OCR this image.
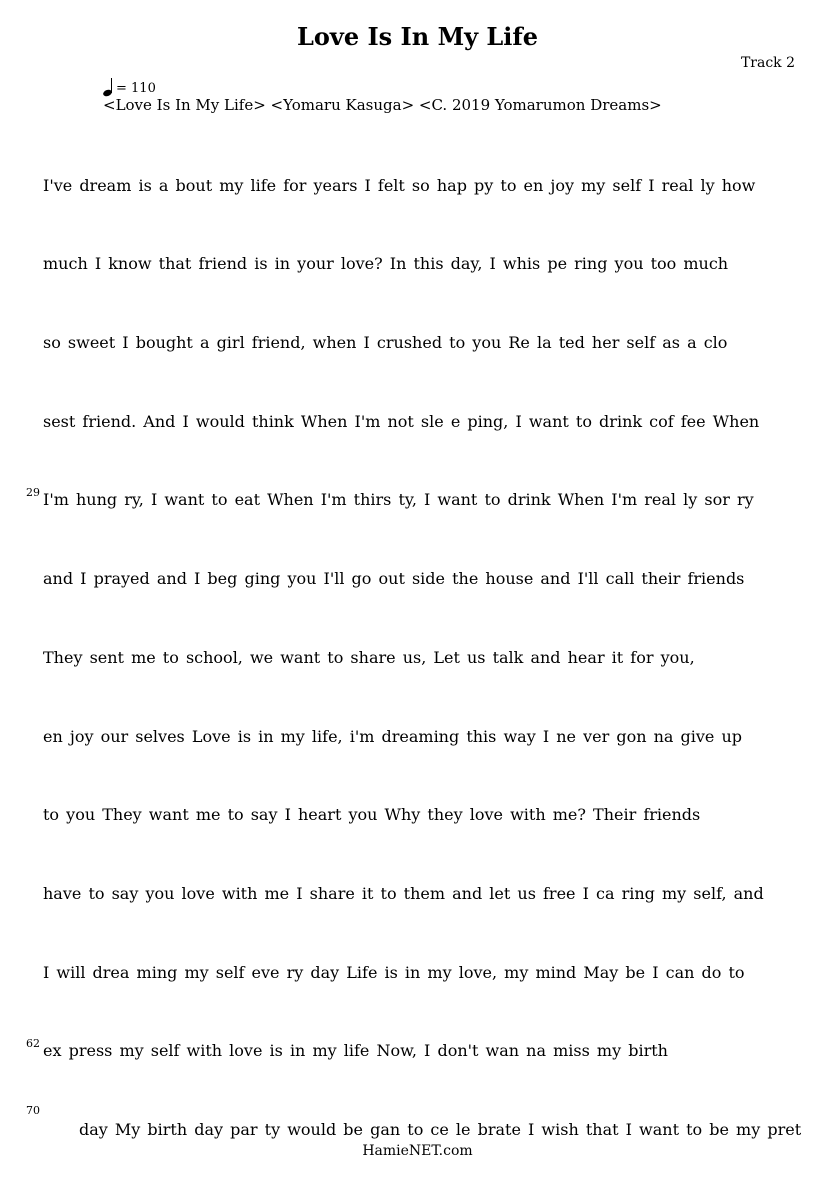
Love Is In My Life
Track 2
= 110
<Love Is In My Life> <Yomaru Kasuga> <C. 2019 Yomarumon Dreams>
I've dream is a bout my life for years I felt so hap py to en joy my self I real ly how
much I know that friend is in your love? In this day, I whis pe ring you too much
so sweet I bought a girl friend, when I crushed to you Re la ted her self as a clo
sest friend. And I would think When I'm not sle e ping, I want to drink cof fee When
29 I'm hung ry, I want to eat When I'm thirs ty, I want to drink When I'm real ly sor ry
and I prayed and I beg ging you I'll go out side the house and I'll call their friends
They sent me to school, we want to share us, Let us talk and hear it for you,
en joy our selves Love is in my life, i'm dreaming this way I ne ver gon na give up
to you They want me to say I heart you Why they love with me? Their friends
have to say you love with me I share it to them and let us free I ca ring my self, and
I will drea ming my self eve ry day Life is in my love, my mind May be I can do to
62 ex press my self with love is in my life Now, I don't wan na miss my birth
70
day My birth day par ty would be gan to ce le brate I wish that I want to be my pret
HamieNET.com
